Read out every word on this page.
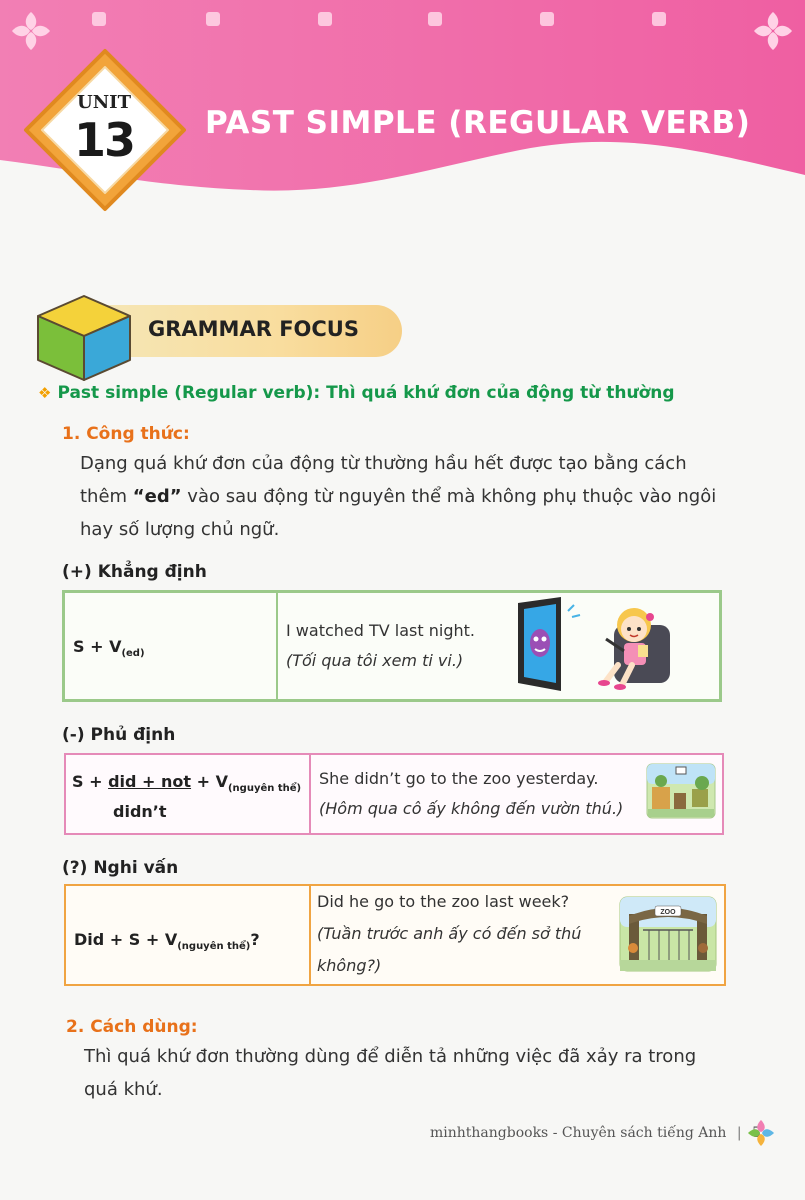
UNIT
13	PAST SIMPLE (REGULAR VERB)
GRAMMAR FOCUS
❖ Past simple (Regular verb): Thì quá khứ đơn của động từ thường
1. Công thức:
Dạng quá khứ đơn của động từ thường hầu hết được tạo bằng cách
thêm “ed” vào sau động từ nguyên thể mà không phụ thuộc vào ngôi
hay số lượng chủ ngữ.
(+) Khẳng định
$S + V_{(ed)}$
I watched TV last night.
(Tối qua tôi xem ti vi.)
(-) Phủ định
S + did + not + $V_{(nguyên thể)}$
didn’t
She didn’t go to the zoo yesterday.
(Hôm qua cô ấy không đến vườn thú.)
(?) Nghi vấn
Did + $S + V_{(nguyên thể)}$?
Did he go to the zoo last week?
(Tuần trước anh ấy có đến sở thú
không?)
ZOO
2. Cách dùng:
Thì quá khứ đơn thường dùng để diễn tả những việc đã xảy ra trong
quá khứ.
minhthangbooks - Chuyên sách tiếng Anh |
